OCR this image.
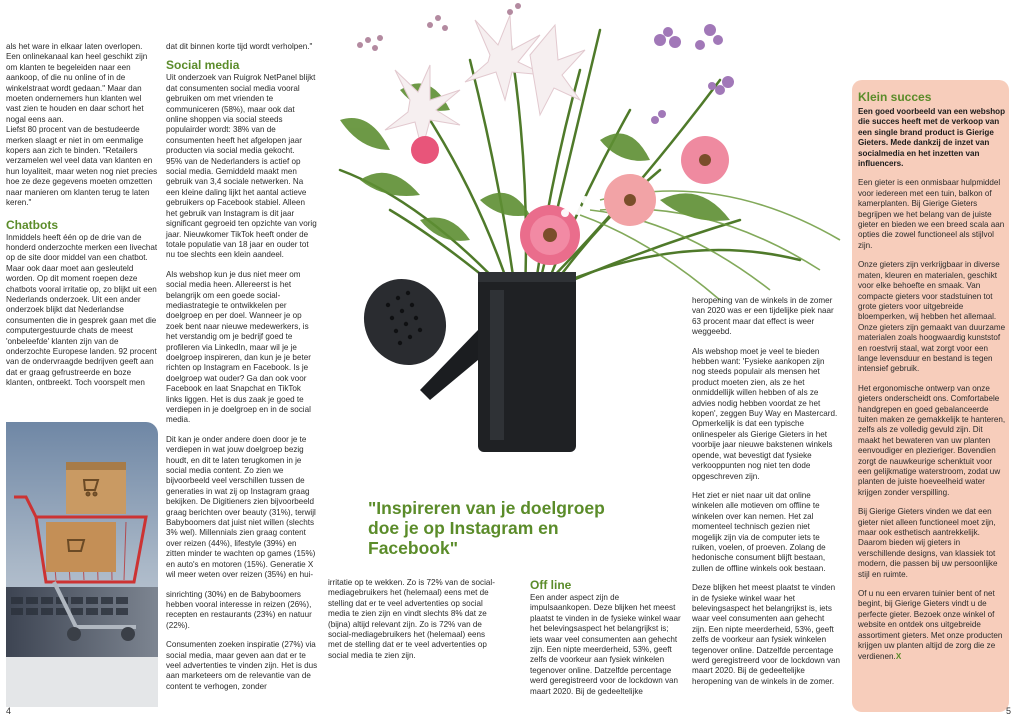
als het ware in elkaar laten overlopen. Een onlinekanaal kan heel geschikt zijn om klanten te begeleiden naar een aankoop, of die nu online of in de winkelstraat wordt gedaan." Maar dan moeten ondernemers hun klanten wel vast zien te houden en daar schort het nogal eens aan.

Liefst 80 procent van de bestudeerde merken slaagt er niet in om eenmalige kopers aan zich te binden. "Retailers verzamelen wel veel data van klanten en hun loyaliteit, maar weten nog niet precies hoe ze deze gegevens moeten omzetten naar manieren om klanten terug te laten keren."

Chatbots

Inmiddels heeft één op de drie van de honderd onderzochte merken een livechat op de site door middel van een chatbot. Maar ook daar moet aan gesleuteld worden. Op dit moment roepen deze chatbots vooral irritatie op, zo blijkt uit een Nederlands onderzoek. Uit een ander onderzoek blijkt dat Nederlandse consumenten die in gesprek gaan met die computergestuurde chats de meest 'onbeleefde' klanten zijn van de onderzochte Europese landen. 92 procent van de ondervraagde bedrijven geeft aan dat er graag gefrustreerde en boze klanten, ontbreekt. Toch voorspelt men

dat dit binnen korte tijd wordt verholpen."

Social media

Uit onderzoek van Ruigrok NetPanel blijkt dat consumenten social media vooral gebruiken om met vrienden te communiceren (58%), maar ook dat online shoppen via social steeds populairder wordt: 38% van de consumenten heeft het afgelopen jaar producten via social media gekocht.

95% van de Nederlanders is actief op social media. Gemiddeld maakt men gebruik van 3,4 sociale netwerken. Na een kleine daling lijkt het aantal actieve gebruikers op Facebook stabiel. Alleen het gebruik van Instagram is dit jaar significant gegroeid ten opzichte van vorig jaar. Nieuwkomer TikTok heeft onder de totale populatie van 18 jaar en ouder tot nu toe slechts een klein aandeel.

Als webshop kun je dus niet meer om social media heen. Allereerst is het belangrijk om een goede social-mediastrategie te ontwikkelen per doelgroep en per doel. Wanneer je op zoek bent naar nieuwe medewerkers, is het verstandig om je bedrijf goed te profileren via LinkedIn, maar wil je je doelgroep inspireren, dan kun je je beter richten op Instagram en Facebook. Is je doelgroep wat ouder? Ga dan ook voor Facebook en laat Snapchat en TikTok links liggen. Het is dus zaak je goed te verdiepen in je doelgroep en in de social media.

Dit kan je onder andere doen door je te verdiepen in wat jouw doelgroep bezig houdt, en dit te laten terugkomen in je social media content. Zo zien we bijvoorbeeld veel verschillen tussen de generaties in wat zij op Instagram graag bekijken. De Digitieners zien bijvoorbeeld graag berichten over beauty (31%), terwijl Babyboomers dat juist niet willen (slechts 3% wel). Millennials zien graag content over reizen (44%), lifestyle (39%) en zitten minder te wachten op games (15%) en auto's en motoren (15%). Generatie X wil meer weten over reizen (35%) en hui-

sinrichting (30%) en de Babyboomers hebben vooral interesse in reizen (26%), recepten en restaurants (23%) en natuur (22%).

Consumenten zoeken inspiratie (27%) via social media, maar geven aan dat er te veel advertenties te vinden zijn. Het is dus aan marketeers om de relevantie van de content te verhogen, zonder

"Inspireren van je doelgroep doe je op Instagram en Facebook"

irritatie op te wekken. Zo is 72% van de social-mediagebruikers het (helemaal) eens met de stelling dat er te veel advertenties op social media te zien zijn en vindt slechts 8% dat ze (bijna) altijd relevant zijn. Zo is 72% van de social-mediagebruikers het (helemaal) eens met de stelling dat er te veel advertenties op social media te zien zijn.

4
Off line

Een ander aspect zijn de impulsaankopen. Deze blijken het meest plaatst te vinden in de fysieke winkel waar het belevingsaspect het belangrijkst is; iets waar veel consumenten aan gehecht zijn. Een nipte meerderheid, 53%, geeft zelfs de voorkeur aan fysiek winkelen tegenover online. Datzelfde percentage werd geregistreerd voor de lockdown van maart 2020. Bij de gedeeltelijke

heropening van de winkels in de zomer van 2020 was er een tijdelijke piek naar 63 procent maar dat effect is weer weggeebd.

Als webshop moet je veel te bieden hebben want: 'Fysieke aankopen zijn nog steeds populair als mensen het product moeten zien, als ze het onmiddellijk willen hebben of als ze advies nodig hebben voordat ze het kopen', zeggen Buy Way en Mastercard. Opmerkelijk is dat een typische onlinespeler als Gierige Gieters in het voorbije jaar nieuwe bakstenen winkels opende, wat bevestigt dat fysieke verkooppunten nog niet ten dode opgeschreven zijn.

Het ziet er niet naar uit dat online winkelen alle motieven om offline te winkelen over kan nemen. Het zal momenteel technisch gezien niet mogelijk zijn via de computer iets te ruiken, voelen, of proeven. Zolang de hedonische consument blijft bestaan, zullen de offline winkels ook bestaan.

Deze blijken het meest plaatst te vinden in de fysieke winkel waar het belevingsaspect het belangrijkst is, iets waar veel consumenten aan gehecht zijn. Een nipte meerderheid, 53%, geeft zelfs de voorkeur aan fysiek winkelen tegenover online. Datzelfde percentage werd geregistreerd voor de lockdown van maart 2020. Bij de gedeeltelijke heropening van de winkels in de zomer.

Klein succes

Een goed voorbeeld van een webshop die succes heeft met de verkoop van een single brand product is Gierige Gieters. Mede dankzij de inzet van socialmedia en het inzetten van influencers.

Een gieter is een onmisbaar hulpmiddel voor iedereen met een tuin, balkon of kamerplanten. Bij Gierige Gieters begrijpen we het belang van de juiste gieter en bieden we een breed scala aan opties die zowel functioneel als stijlvol zijn.

Onze gieters zijn verkrijgbaar in diverse maten, kleuren en materialen, geschikt voor elke behoefte en smaak. Van compacte gieters voor stadstuinen tot grote gieters voor uitgebreide bloemperken, wij hebben het allemaal. Onze gieters zijn gemaakt van duurzame materialen zoals hoogwaardig kunststof en roestvrij staal, wat zorgt voor een lange levensduur en bestand is tegen intensief gebruik.

Het ergonomische ontwerp van onze gieters onderscheidt ons. Comfortabele handgrepen en goed gebalanceerde tuiten maken ze gemakkelijk te hanteren, zelfs als ze volledig gevuld zijn. Dit maakt het bewateren van uw planten eenvoudiger en plezieriger. Bovendien zorgt de nauwkeurige schenktuit voor een gelijkmatige waterstroom, zodat uw planten de juiste hoeveelheid water krijgen zonder verspilling.

Bij Gierige Gieters vinden we dat een gieter niet alleen functioneel moet zijn, maar ook esthetisch aantrekkelijk. Daarom bieden wij gieters in verschillende designs, van klassiek tot modern, die passen bij uw persoonlijke stijl en ruimte.

Of u nu een ervaren tuinier bent of net begint, bij Gierige Gieters vindt u de perfecte gieter. Bezoek onze winkel of website en ontdek ons uitgebreide assortiment gieters. Met onze producten krijgen uw planten altijd de zorg die ze verdienen.X

5
